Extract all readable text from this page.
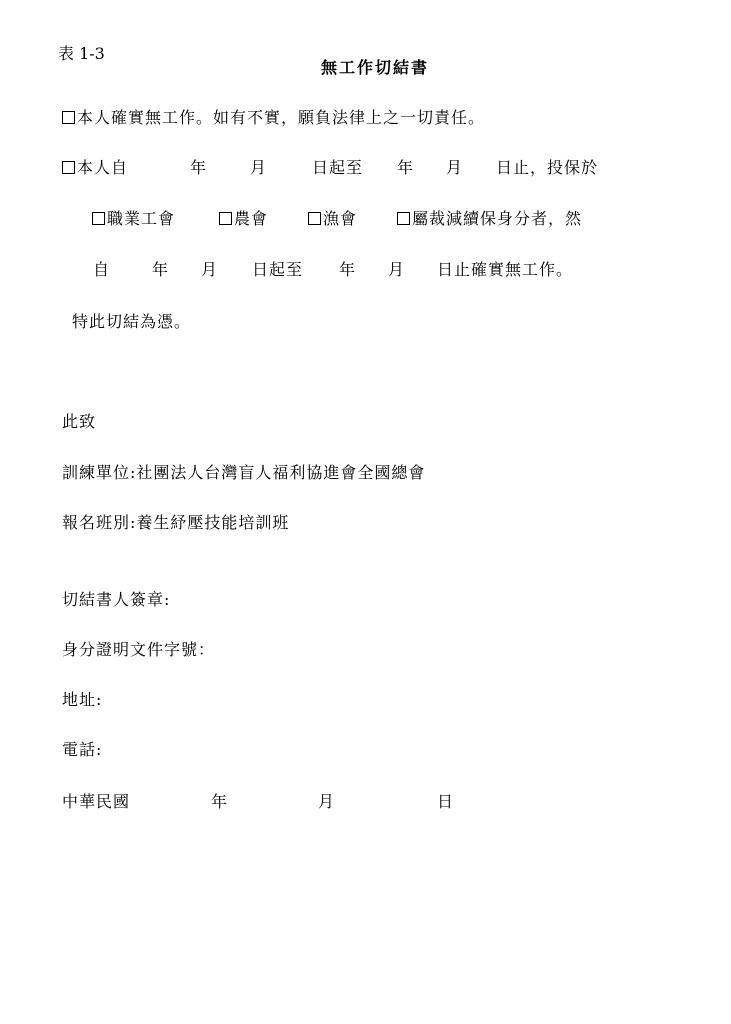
表 1-3
無工作切結書
本人確實無工作。如有不實，願負法律上之一切責任。
本人自	年	月	日起至 年 月 日止，投保於
職業工會	農會	漁會	屬裁減續保身分者，然
自	年 月 日起至 年 月 日止確實無工作。
特此切結為憑。
此致
訓練單位:社團法人台灣盲人福利協進會全國總會
報名班別:養生紓壓技能培訓班
切結書人簽章:
身分證明文件字號：
地址:
電話:
中華民國	年	月	日
